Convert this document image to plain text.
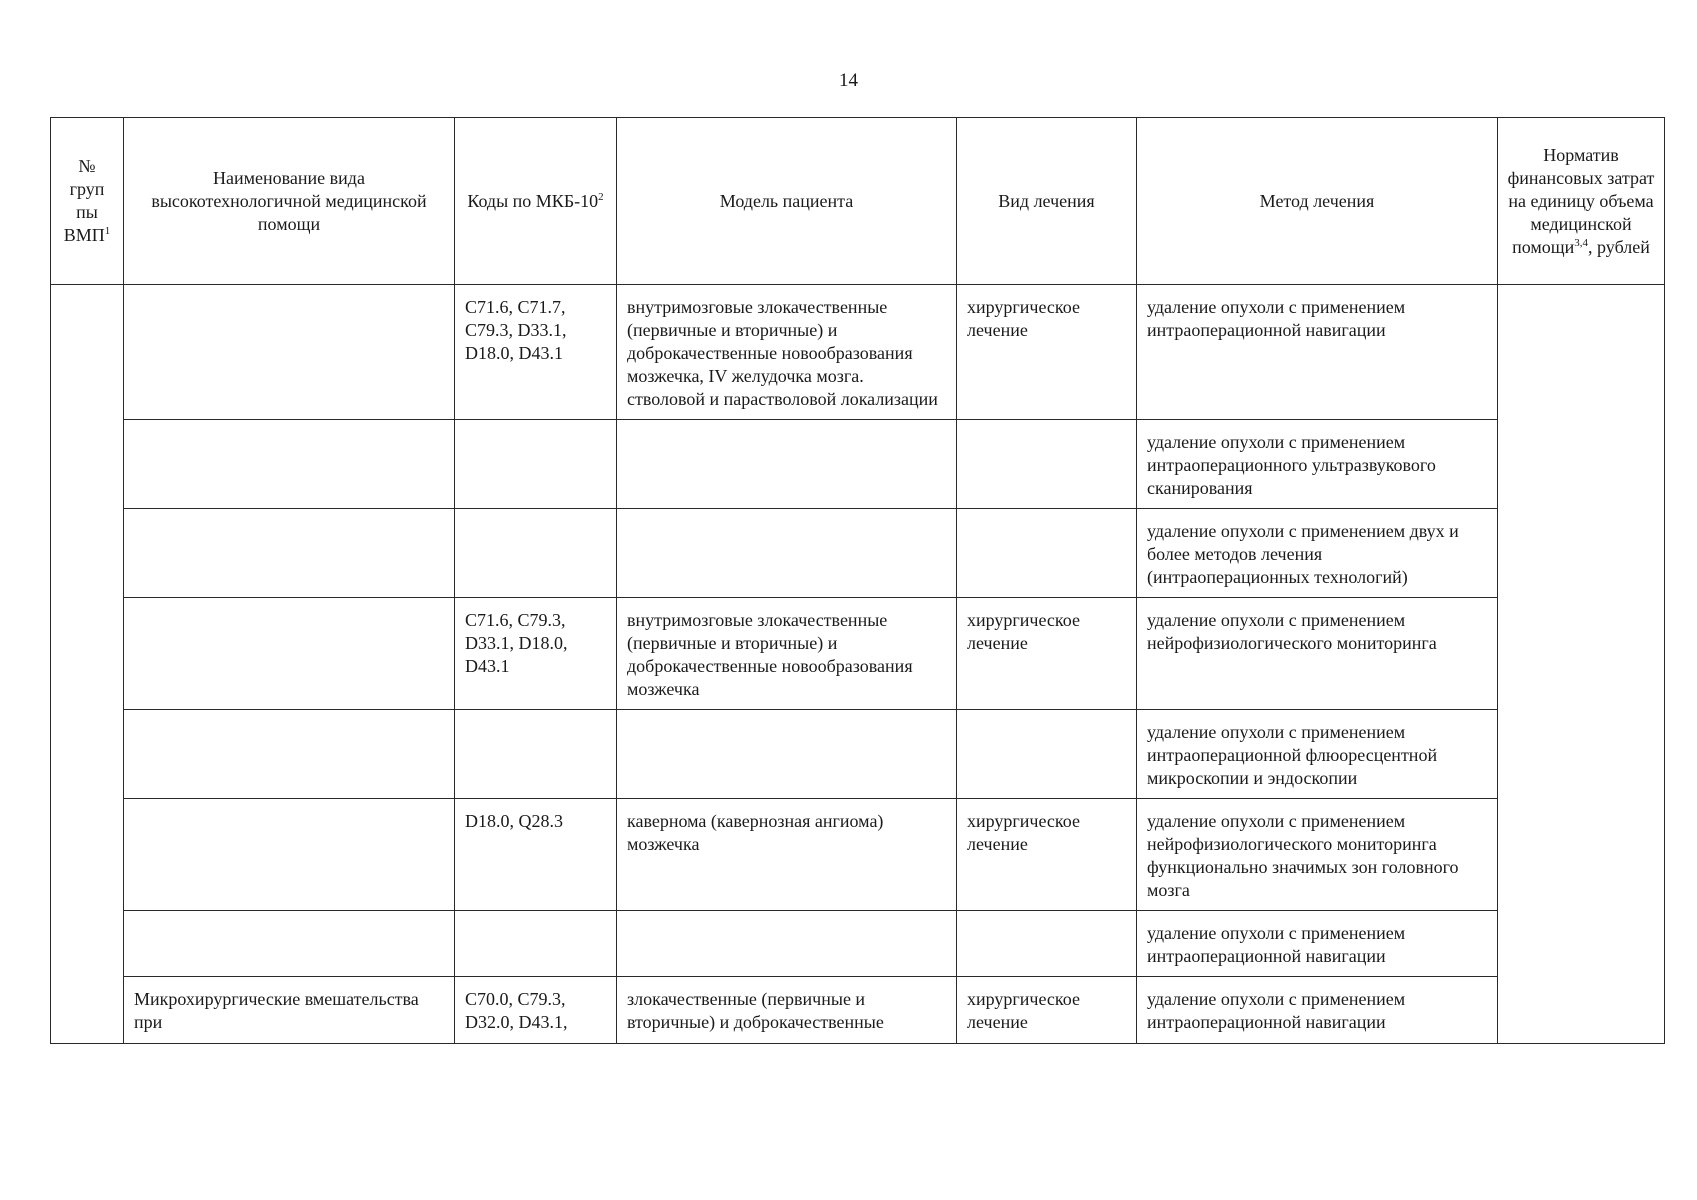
14
№
груп
пы
ВМП$^1$	Наименование вида высокотехнологичной медицинской помощи	Коды по МКБ-$10^2$	Модель пациента	Вид лечения	Метод лечения	Норматив финансовых затрат на единицу объема медицинской помощи$^{3,4}$, рублей
		C71.6, C71.7, C79.3, D33.1, D18.0, D43.1	внутримозговые злокачественные (первичные и вторичные) и доброкачественные новообразования мозжечка, IV желудочка мозга. стволовой и парастволовой локализации	хирургическое лечение	удаление опухоли с применением интраоперационной навигации	
					удаление опухоли с применением интраоперационного ультразвукового сканирования	
					удаление опухоли с применением двух и более методов лечения (интраоперационных технологий)	
		C71.6, C79.3, D33.1, D18.0, D43.1	внутримозговые злокачественные (первичные и вторичные) и доброкачественные новообразования мозжечка	хирургическое лечение	удаление опухоли с применением нейрофизиологического мониторинга	
					удаление опухоли с применением интраоперационной флюоресцентной микроскопии и эндоскопии	
		D18.0, Q28.3	кавернома (кавернозная ангиома) мозжечка	хирургическое лечение	удаление опухоли с применением нейрофизиологического мониторинга функционально значимых зон головного мозга	
					удаление опухоли с применением интраоперационной навигации	
	Микрохирургические вмешательства при	C70.0, C79.3, D32.0, D43.1,	злокачественные (первичные и вторичные) и доброкачественные	хирургическое лечение	удаление опухоли с применением интраоперационной навигации	
